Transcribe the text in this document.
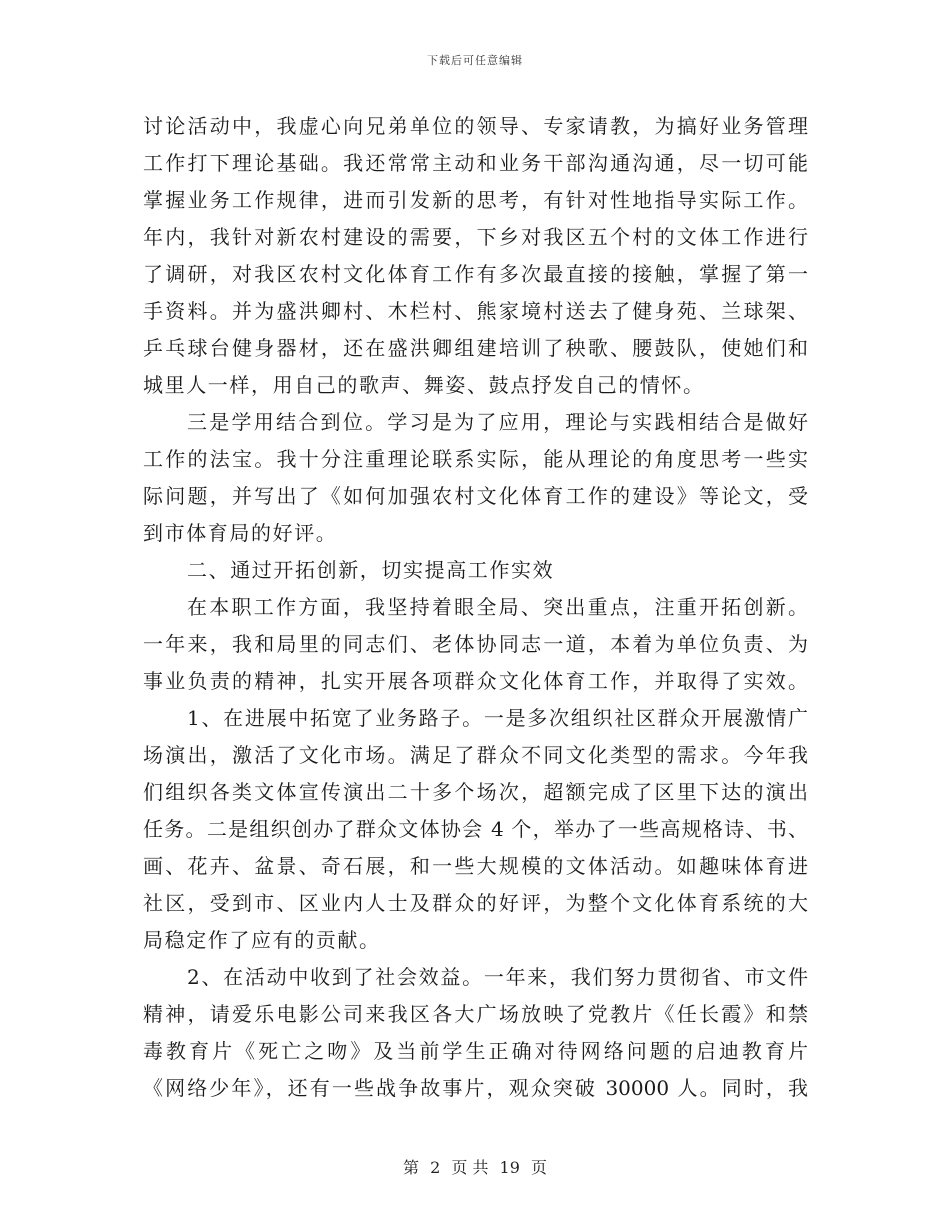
下载后可任意编辑
讨论活动中，我虚心向兄弟单位的领导、专家请教，为搞好业务管理
工作打下理论基础。我还常常主动和业务干部沟通沟通，尽一切可能
掌握业务工作规律，进而引发新的思考，有针对性地指导实际工作。
年内，我针对新农村建设的需要，下乡对我区五个村的文体工作进行
了调研，对我区农村文化体育工作有多次最直接的接触，掌握了第一
手资料。并为盛洪卿村、木栏村、熊家境村送去了健身苑、兰球架、
乒乓球台健身器材，还在盛洪卿组建培训了秧歌、腰鼓队，使她们和
城里人一样，用自己的歌声、舞姿、鼓点抒发自己的情怀。
三是学用结合到位。学习是为了应用，理论与实践相结合是做好
工作的法宝。我十分注重理论联系实际，能从理论的角度思考一些实
际问题，并写出了《如何加强农村文化体育工作的建设》等论文，受
到市体育局的好评。
二、通过开拓创新，切实提高工作实效
在本职工作方面，我坚持着眼全局、突出重点，注重开拓创新。
一年来，我和局里的同志们、老体协同志一道，本着为单位负责、为
事业负责的精神，扎实开展各项群众文化体育工作，并取得了实效。
1、在进展中拓宽了业务路子。一是多次组织社区群众开展激情广
场演出，激活了文化市场。满足了群众不同文化类型的需求。今年我
们组织各类文体宣传演出二十多个场次，超额完成了区里下达的演出
任务。二是组织创办了群众文体协会 4 个，举办了一些高规格诗、书、
画、花卉、盆景、奇石展，和一些大规模的文体活动。如趣味体育进
社区，受到市、区业内人士及群众的好评，为整个文化体育系统的大
局稳定作了应有的贡献。
2、在活动中收到了社会效益。一年来，我们努力贯彻省、市文件
精神，请爱乐电影公司来我区各大广场放映了党教片《任长霞》和禁
毒教育片《死亡之吻》及当前学生正确对待网络问题的启迪教育片
《网络少年》，还有一些战争故事片，观众突破 30000 人。同时，我
第 2 页 共 19 页
